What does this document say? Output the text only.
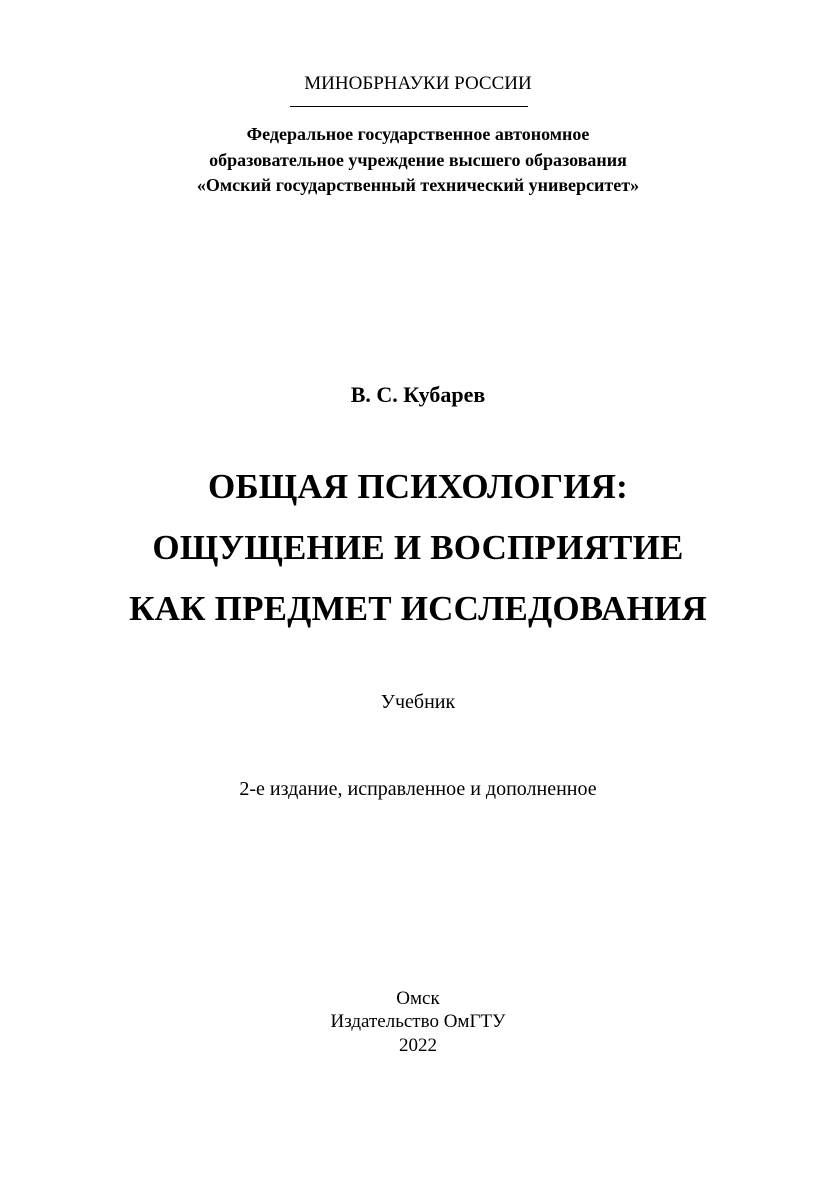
МИНОБРНАУКИ РОССИИ
Федеральное государственное автономное
образовательное учреждение высшего образования
«Омский государственный технический университет»
В. С. Кубарев
ОБЩАЯ ПСИХОЛОГИЯ:
ОЩУЩЕНИЕ И ВОСПРИЯТИЕ
КАК ПРЕДМЕТ ИССЛЕДОВАНИЯ
Учебник
2-е издание, исправленное и дополненное
Омск
Издательство ОмГТУ
2022
